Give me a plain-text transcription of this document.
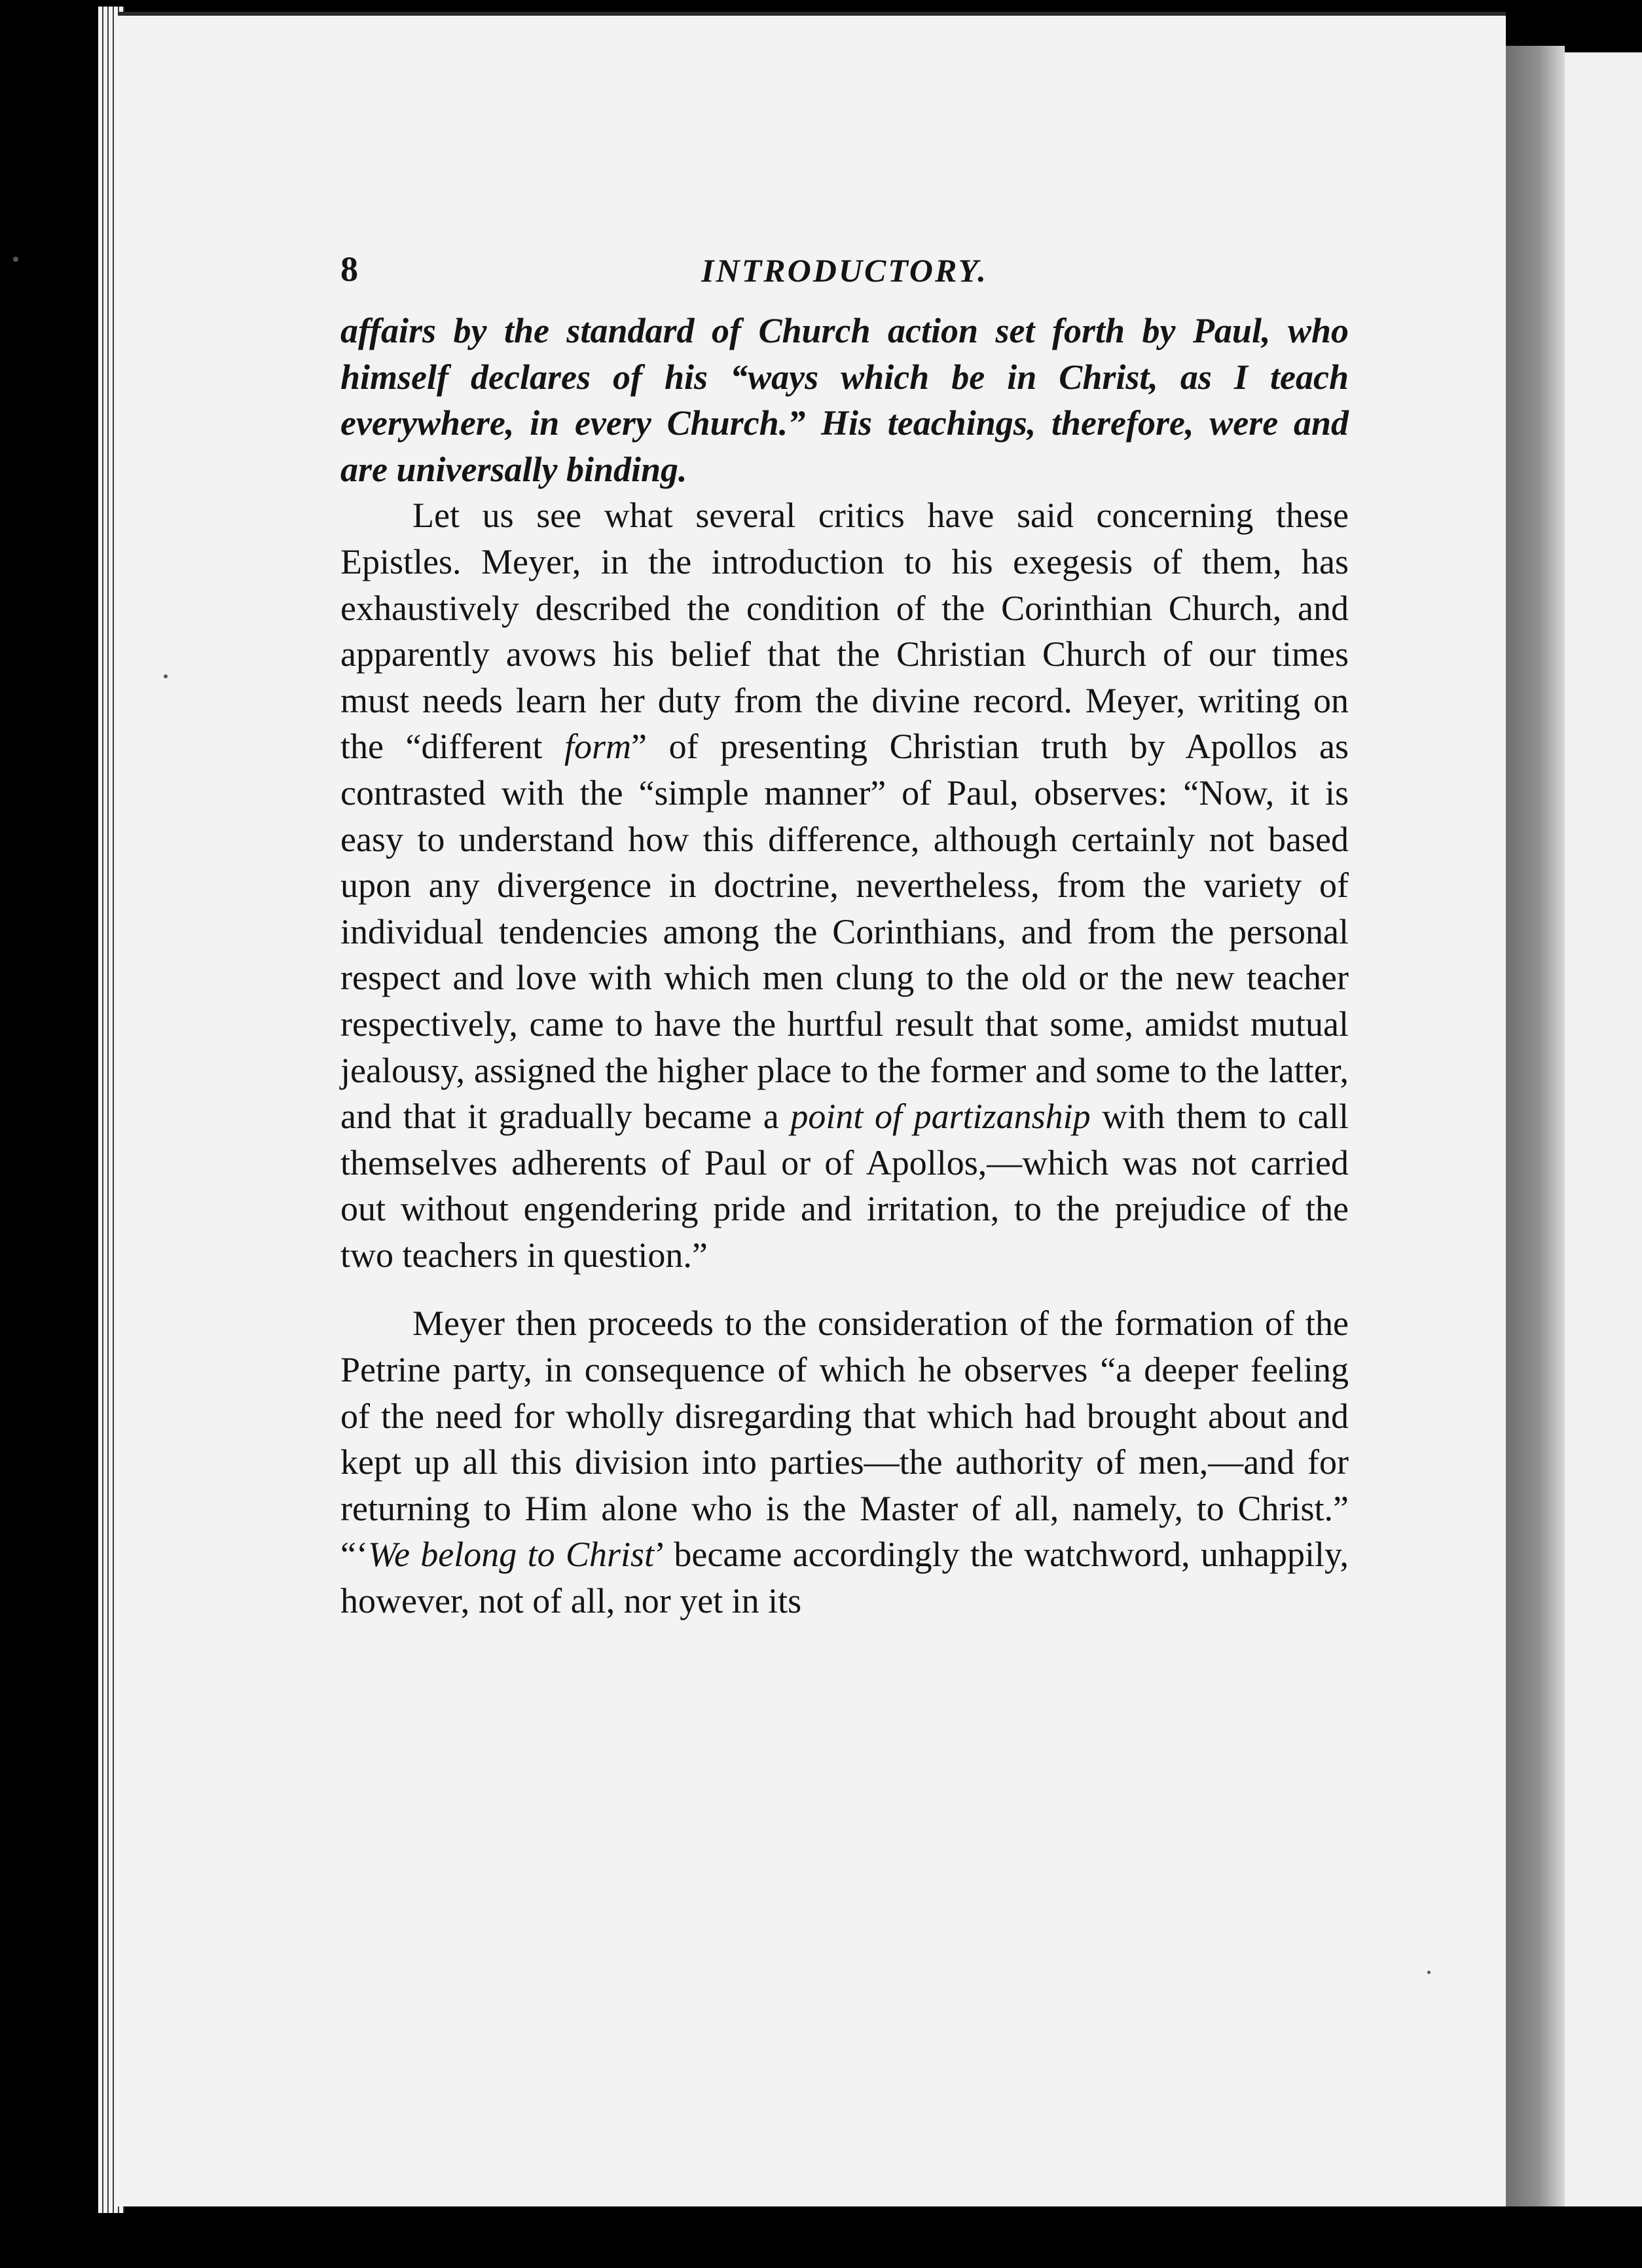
8	INTRODUCTORY.

affairs by the standard of Church action set forth by Paul, who himself declares of his “ways which be in Christ, as I teach everywhere, in every Church.” His teachings, therefore, were and are universally binding.

Let us see what several critics have said concerning these Epistles. Meyer, in the introduction to his exegesis of them, has exhaustively described the condition of the Corinthian Church, and apparently avows his belief that the Christian Church of our times must needs learn her duty from the divine record. Meyer, writing on the “different form” of presenting Christian truth by Apollos as contrasted with the “simple manner” of Paul, observes: “Now, it is easy to understand how this difference, although certainly not based upon any divergence in doctrine, nevertheless, from the variety of individual tendencies among the Corinthians, and from the personal respect and love with which men clung to the old or the new teacher respectively, came to have the hurtful result that some, amidst mutual jealousy, assigned the higher place to the former and some to the latter, and that it gradually became a point of partizanship with them to call themselves adherents of Paul or of Apollos,—which was not carried out without engendering pride and irritation, to the prejudice of the two teachers in question.”

Meyer then proceeds to the consideration of the formation of the Petrine party, in consequence of which he observes “a deeper feeling of the need for wholly disregarding that which had brought about and kept up all this division into parties—the authority of men,—and for returning to Him alone who is the Master of all, namely, to Christ.” “‘We belong to Christ’ became accordingly the watchword, unhappily, however, not of all, nor yet in its
